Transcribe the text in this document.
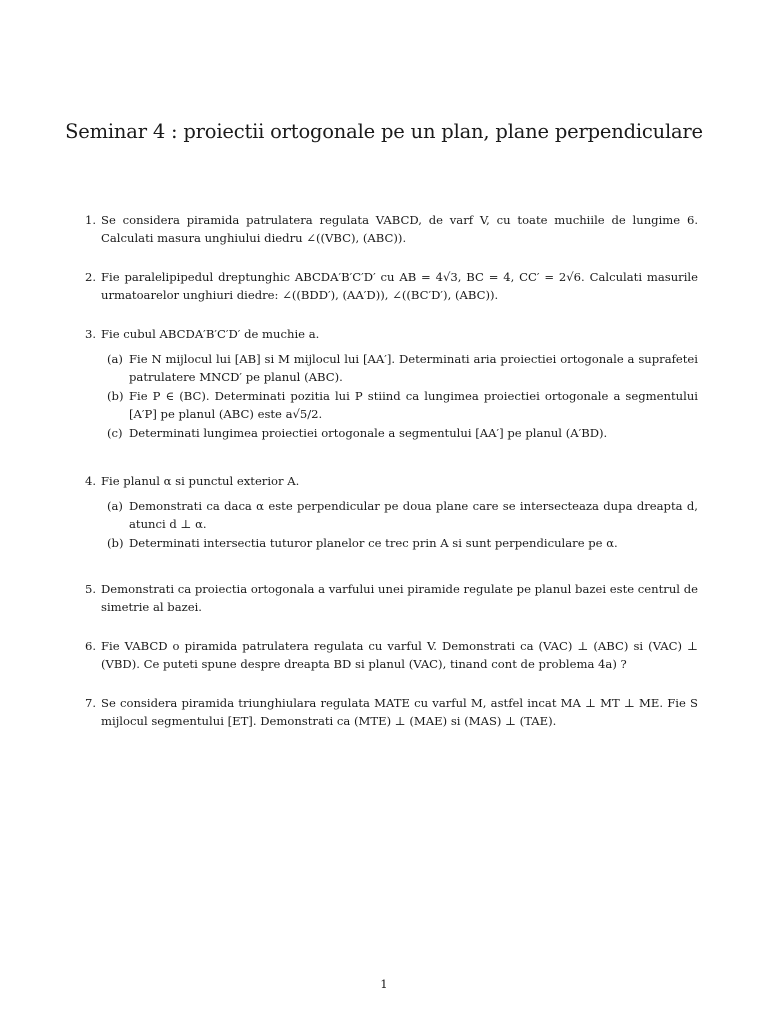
Seminar 4 : proiectii ortogonale pe un plan, plane perpendiculare
1. Se considera piramida patrulatera regulata VABCD, de varf V, cu toate muchiile de lungime 6. Calculati masura unghiului diedru ∠((VBC), (ABC)).
2. Fie paralelipipedul dreptunghic ABCDA′B′C′D′ cu AB = 4√3, BC = 4, CC′ = 2√6. Calculati masurile urmatoarelor unghiuri diedre: ∠((BDD′), (AA′D)), ∠((BC′D′), (ABC)).
3. Fie cubul ABCDA′B′C′D′ de muchie a.
(a) Fie N mijlocul lui [AB] si M mijlocul lui [AA′]. Determinati aria proiectiei ortogonale a suprafetei patrulatere MNCD′ pe planul (ABC).
(b) Fie P ∈ (BC). Determinati pozitia lui P stiind ca lungimea proiectiei ortogonale a segmentului [A′P] pe planul (ABC) este a√5/2.
(c) Determinati lungimea proiectiei ortogonale a segmentului [AA′] pe planul (A′BD).
4. Fie planul α si punctul exterior A.
(a) Demonstrati ca daca α este perpendicular pe doua plane care se intersecteaza dupa dreapta d, atunci d ⊥ α.
(b) Determinati intersectia tuturor planelor ce trec prin A si sunt perpendiculare pe α.
5. Demonstrati ca proiectia ortogonala a varfului unei piramide regulate pe planul bazei este centrul de simetrie al bazei.
6. Fie VABCD o piramida patrulatera regulata cu varful V. Demonstrati ca (VAC) ⊥ (ABC) si (VAC) ⊥ (VBD). Ce puteti spune despre dreapta BD si planul (VAC), tinand cont de problema 4a) ?
7. Se considera piramida triunghiulara regulata MATE cu varful M, astfel incat MA ⊥ MT ⊥ ME. Fie S mijlocul segmentului [ET]. Demonstrati ca (MTE) ⊥ (MAE) si (MAS) ⊥ (TAE).
1
